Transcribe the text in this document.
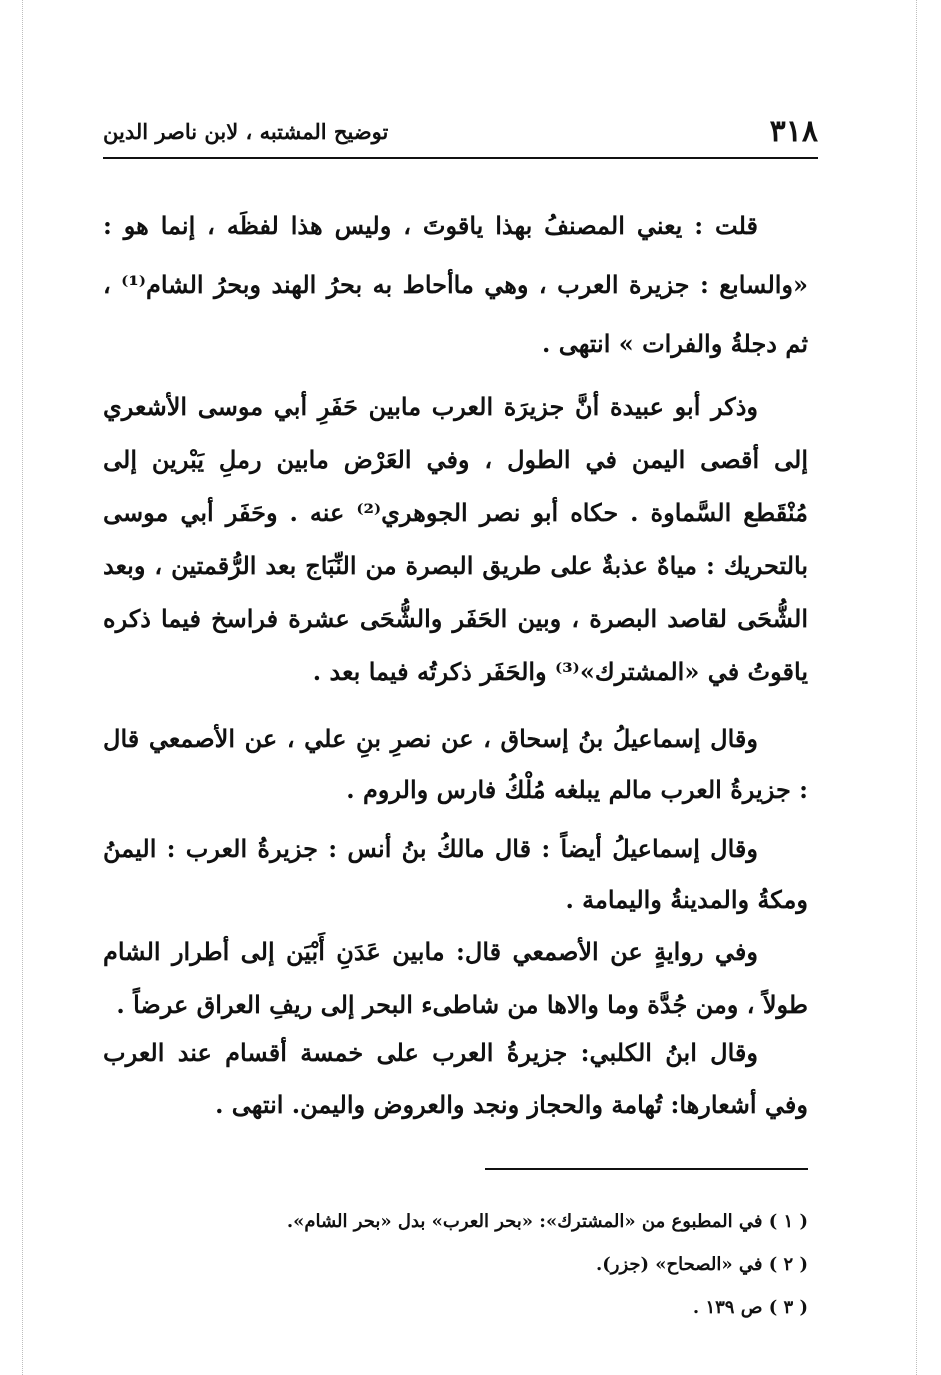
٣١٨
توضيح المشتبه ، لابن ناصر الدين

قلت : يعني المصنفُ بهذا ياقوتَ ، وليس هذا لفظَه ، إنما هو : «والسابع : جزيرة العرب ، وهي ماأحاط به بحرُ الهند وبحرُ الشام⁽¹⁾ ، ثم دجلةُ والفرات » انتهى .

وذكر أبو عبيدة أنَّ جزيرَة العرب مابين حَفَرِ أبي موسى الأشعري إلى أقصى اليمن في الطول ، وفي العَرْض مابين رملِ يَبْرين إلى مُنْقَطع السَّماوة . حكاه أبو نصر الجوهري⁽²⁾ عنه . وحَفَر أبي موسى بالتحريك : مياهٌ عذبةٌ على طريق البصرة من النِّبَاج بعد الرُّقمتين ، وبعد الشُّحَى لقاصد البصرة ، وبين الحَفَر والشُّحَى عشرة فراسخ فيما ذكره ياقوتُ في «المشترك»⁽³⁾ والحَفَر ذكرتُه فيما بعد .

وقال إسماعيلُ بنُ إسحاق ، عن نصرِ بنِ علي ، عن الأصمعي قال : جزيرةُ العرب مالم يبلغه مُلْكُ فارس والروم .

وقال إسماعيلُ أيضاً : قال مالكُ بنُ أنس : جزيرةُ العرب : اليمنُ ومكةُ والمدينةُ واليمامة .

وفي روايةٍ عن الأصمعي قال: مابين عَدَنِ أَبْيَن إلى أطرار الشام طولاً ، ومن جُدَّة وما والاها من شاطىء البحر إلى ريفِ العراق عرضاً .

وقال ابنُ الكلبي: جزيرةُ العرب على خمسة أقسام عند العرب وفي أشعارها: تُهامة والحجاز ونجد والعروض واليمن. انتهى .

( ١ ) في المطبوع من «المشترك»: «بحر العرب» بدل «بحر الشام».
( ٢ ) في «الصحاح» (جزر).
( ٣ ) ص ١٣٩ .
